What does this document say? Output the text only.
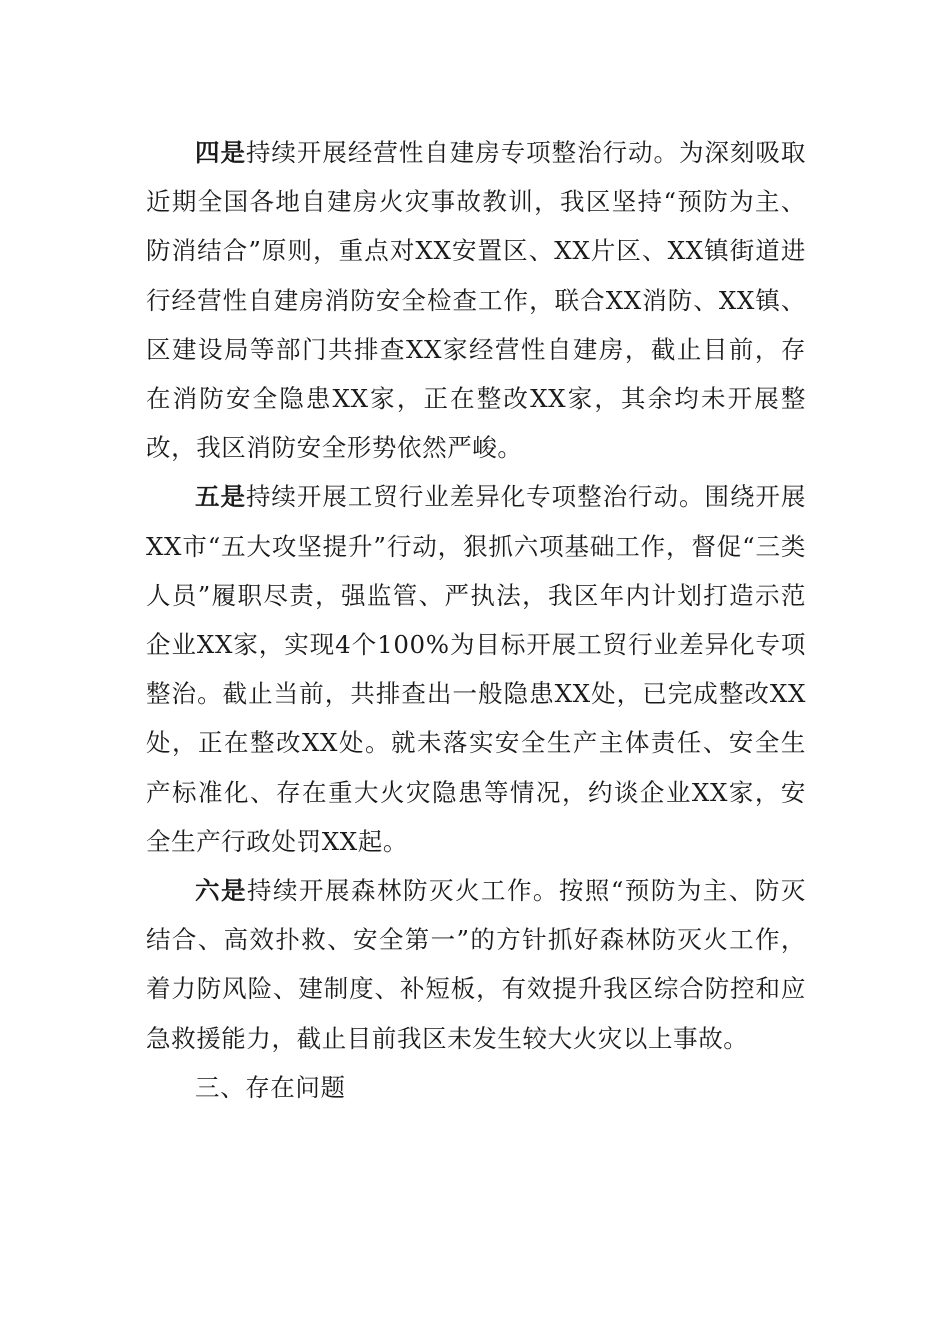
四是持续开展经营性自建房专项整治行动。为深刻吸取近期全国各地自建房火灾事故教训，我区坚持“预防为主、防消结合”原则，重点对XX安置区、XX片区、XX镇街道进行经营性自建房消防安全检查工作，联合XX消防、XX镇、区建设局等部门共排查XX家经营性自建房，截止目前，存在消防安全隐患XX家，正在整改XX家，其余均未开展整改，我区消防安全形势依然严峻。

五是持续开展工贸行业差异化专项整治行动。围绕开展XX市“五大攻坚提升”行动，狠抓六项基础工作，督促“三类人员”履职尽责，强监管、严执法，我区年内计划打造示范企业XX家，实现4个100%为目标开展工贸行业差异化专项整治。截止当前，共排查出一般隐患XX处，已完成整改XX处，正在整改XX处。就未落实安全生产主体责任、安全生产标准化、存在重大火灾隐患等情况，约谈企业XX家，安全生产行政处罚XX起。

六是持续开展森林防灭火工作。按照“预防为主、防灭结合、高效扑救、安全第一”的方针抓好森林防灭火工作，着力防风险、建制度、补短板，有效提升我区综合防控和应急救援能力，截止目前我区未发生较大火灾以上事故。

三、存在问题
